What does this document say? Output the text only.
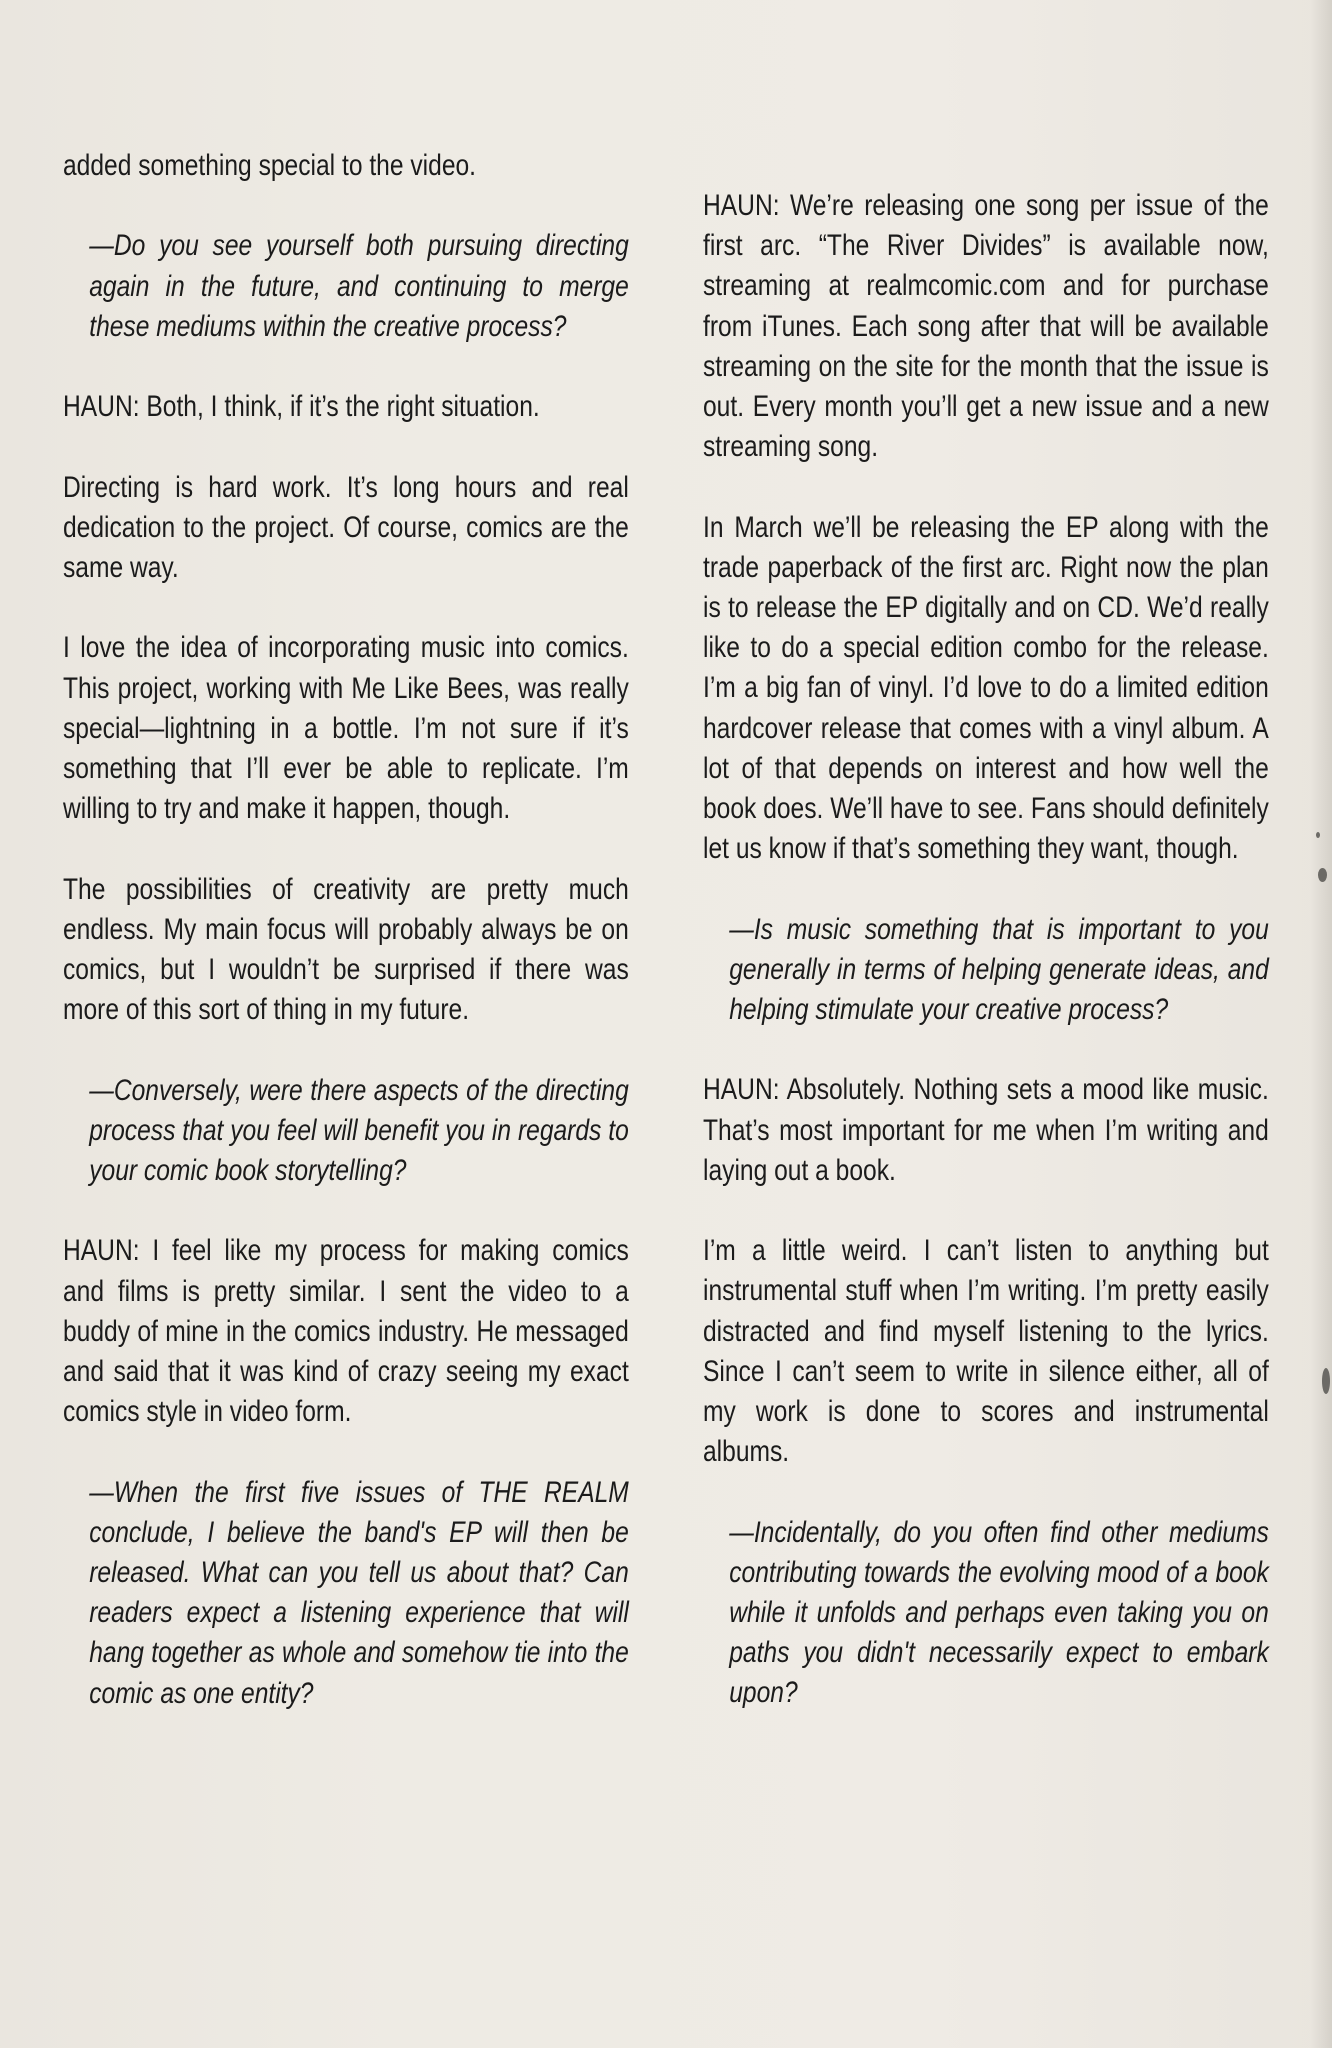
added something special to the video.

—Do you see yourself both pursuing directing again in the future, and continuing to merge these mediums within the creative process?

HAUN: Both, I think, if it’s the right situation.

Directing is hard work. It’s long hours and real dedication to the project. Of course, comics are the same way.

I love the idea of incorporating music into comics. This project, working with Me Like Bees, was really special—lightning in a bottle. I’m not sure if it’s something that I’ll ever be able to replicate. I’m willing to try and make it happen, though.

The possibilities of creativity are pretty much endless. My main focus will probably always be on comics, but I wouldn’t be surprised if there was more of this sort of thing in my future.

—Conversely, were there aspects of the directing process that you feel will benefit you in regards to your comic book storytelling?

HAUN: I feel like my process for making comics and films is pretty similar. I sent the video to a buddy of mine in the comics industry. He messaged and said that it was kind of crazy seeing my exact comics style in video form.

—When the first five issues of THE REALM conclude, I believe the band's EP will then be released. What can you tell us about that? Can readers expect a listening experience that will hang together as whole and somehow tie into the comic as one entity?

HAUN: We’re releasing one song per issue of the first arc. “The River Divides” is available now, streaming at realmcomic.com and for purchase from iTunes. Each song after that will be available streaming on the site for the month that the issue is out. Every month you’ll get a new issue and a new streaming song.

In March we’ll be releasing the EP along with the trade paperback of the first arc. Right now the plan is to release the EP digitally and on CD. We’d really like to do a special edition combo for the release. I’m a big fan of vinyl. I’d love to do a limited edition hardcover release that comes with a vinyl album. A lot of that depends on interest and how well the book does. We’ll have to see. Fans should definitely let us know if that’s something they want, though.

—Is music something that is important to you generally in terms of helping generate ideas, and helping stimulate your creative process?

HAUN: Absolutely. Nothing sets a mood like music. That’s most important for me when I’m writing and laying out a book.

I’m a little weird. I can’t listen to anything but instrumental stuff when I’m writing. I’m pretty easily distracted and find myself listening to the lyrics. Since I can’t seem to write in silence either, all of my work is done to scores and instrumental albums.

—Incidentally, do you often find other mediums contributing towards the evolving mood of a book while it unfolds and perhaps even taking you on paths you didn't necessarily expect to embark upon?
